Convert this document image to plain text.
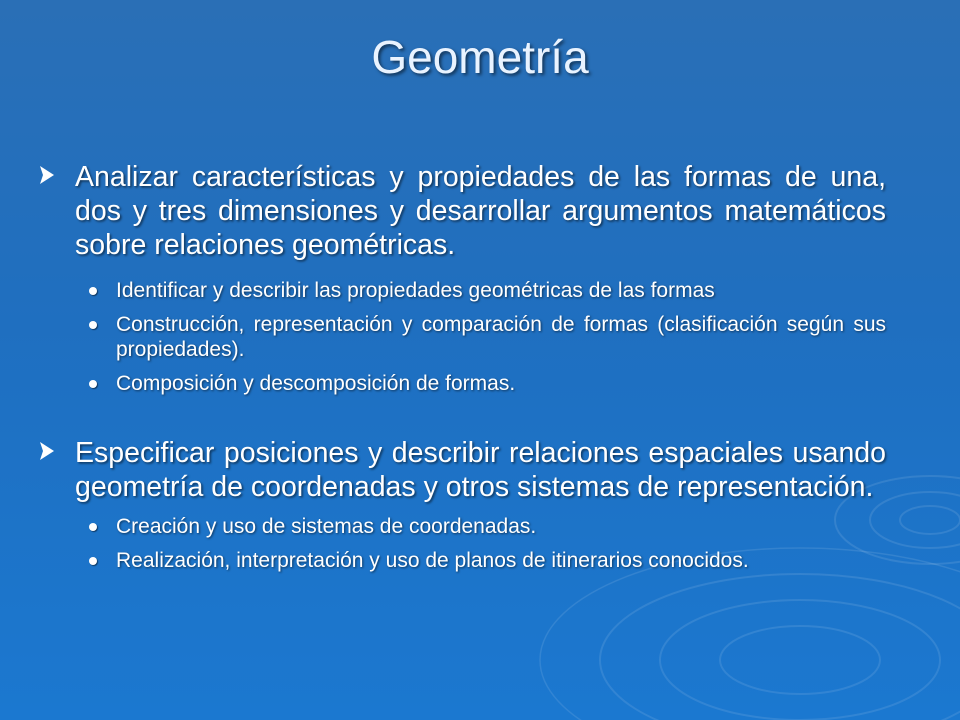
Geometría
Analizar características y propiedades de las formas de una, dos y tres dimensiones y desarrollar argumentos matemáticos sobre relaciones geométricas.
Identificar y describir las propiedades geométricas de las formas
Construcción, representación y comparación de formas (clasificación según sus propiedades).
Composición y descomposición de formas.
Especificar posiciones y describir relaciones espaciales usando geometría de coordenadas y otros sistemas de representación.
Creación y uso de sistemas de coordenadas.
Realización, interpretación y uso de planos de itinerarios conocidos.
